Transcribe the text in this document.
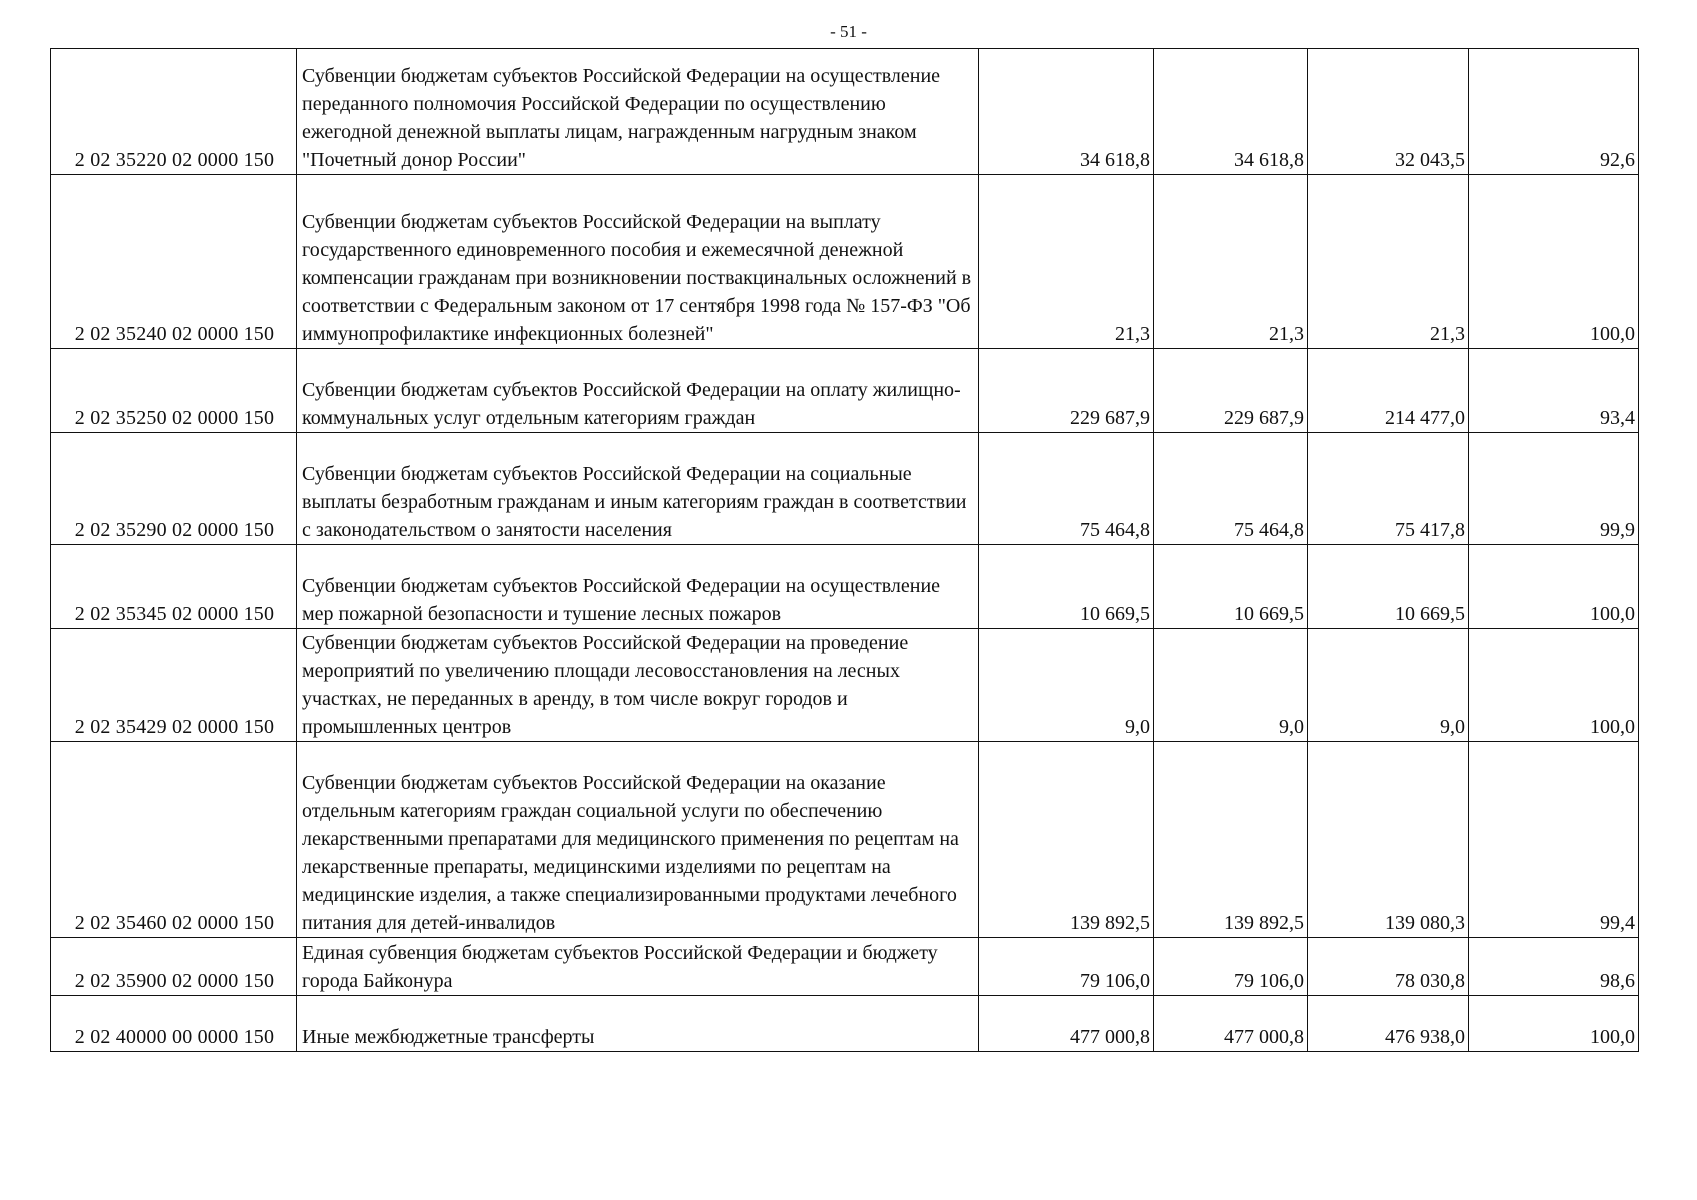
- 51 -
2 02 35220 02 0000 150	Субвенции бюджетам субъектов Российской Федерации на осуществление переданного полномочия Российской Федерации по осуществлению ежегодной денежной выплаты лицам, награжденным нагрудным знаком "Почетный донор России"	34 618,8	34 618,8	32 043,5	92,6
2 02 35240 02 0000 150	Субвенции бюджетам субъектов Российской Федерации на выплату государственного единовременного пособия и ежемесячной денежной компенсации гражданам при возникновении поствакцинальных осложнений в соответствии с Федеральным законом от 17 сентября 1998 года № 157-ФЗ "Об иммунопрофилактике инфекционных болезней"	21,3	21,3	21,3	100,0
2 02 35250 02 0000 150	Субвенции бюджетам субъектов Российской Федерации на оплату жилищно-коммунальных услуг отдельным категориям граждан	229 687,9	229 687,9	214 477,0	93,4
2 02 35290 02 0000 150	Субвенции бюджетам субъектов Российской Федерации на социальные выплаты безработным гражданам и иным категориям граждан в соответствии с законодательством о занятости населения	75 464,8	75 464,8	75 417,8	99,9
2 02 35345 02 0000 150	Субвенции бюджетам субъектов Российской Федерации на осуществление мер пожарной безопасности и тушение лесных пожаров	10 669,5	10 669,5	10 669,5	100,0
2 02 35429 02 0000 150	Субвенции бюджетам субъектов Российской Федерации на проведение мероприятий по увеличению площади лесовосстановления на лесных участках, не переданных в аренду, в том числе вокруг городов и промышленных центров	9,0	9,0	9,0	100,0
2 02 35460 02 0000 150	Субвенции бюджетам субъектов Российской Федерации на оказание отдельным категориям граждан социальной услуги по обеспечению лекарственными препаратами для медицинского применения по рецептам на лекарственные препараты, медицинскими изделиями по рецептам на медицинские изделия, а также специализированными продуктами лечебного питания для детей-инвалидов	139 892,5	139 892,5	139 080,3	99,4
2 02 35900 02 0000 150	Единая субвенция бюджетам субъектов Российской Федерации и бюджету города Байконура	79 106,0	79 106,0	78 030,8	98,6
2 02 40000 00 0000 150	Иные межбюджетные трансферты	477 000,8	477 000,8	476 938,0	100,0
